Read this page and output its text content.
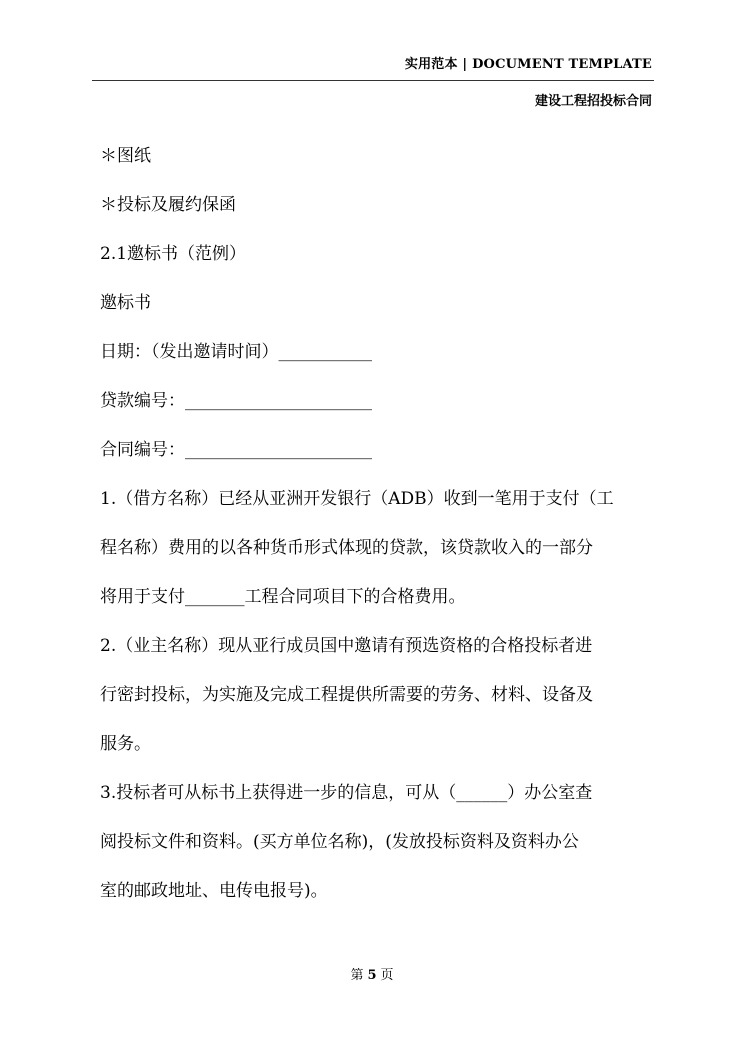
实用范本 | DOCUMENT TEMPLATE
建设工程招投标合同
＊图纸
＊投标及履约保函
2.1邀标书（范例）
邀标书
日期：（发出邀请时间）___________
贷款编号：______________________
合同编号：______________________
1.（借方名称）已经从亚洲开发银行（ADB）收到一笔用于支付（工
程名称）费用的以各种货币形式体现的贷款，该贷款收入的一部分
将用于支付_______工程合同项目下的合格费用。
2.（业主名称）现从亚行成员国中邀请有预选资格的合格投标者进
行密封投标，为实施及完成工程提供所需要的劳务、材料、设备及
服务。
3.投标者可从标书上获得进一步的信息，可从（______）办公室查
阅投标文件和资料。(买方单位名称)，(发放投标资料及资料办公
室的邮政地址、电传电报号)。
第 5 页
